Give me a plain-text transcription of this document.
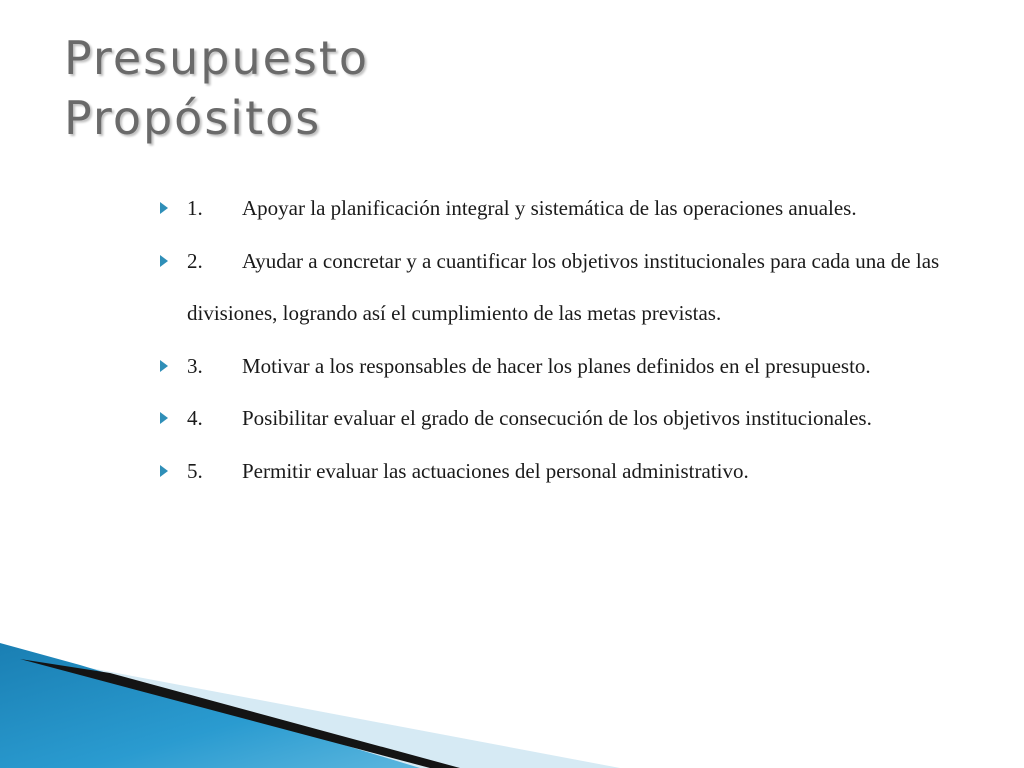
Presupuesto
Propósitos
1. Apoyar la planificación integral y sistemática de las operaciones anuales.
2. Ayudar a concretar y a cuantificar los objetivos institucionales para cada una de las divisiones, logrando así el cumplimiento de las metas previstas.
3. Motivar a los responsables de hacer los planes definidos en el presupuesto.
4. Posibilitar evaluar el grado de consecución de los objetivos institucionales.
5. Permitir evaluar las actuaciones del personal administrativo.
